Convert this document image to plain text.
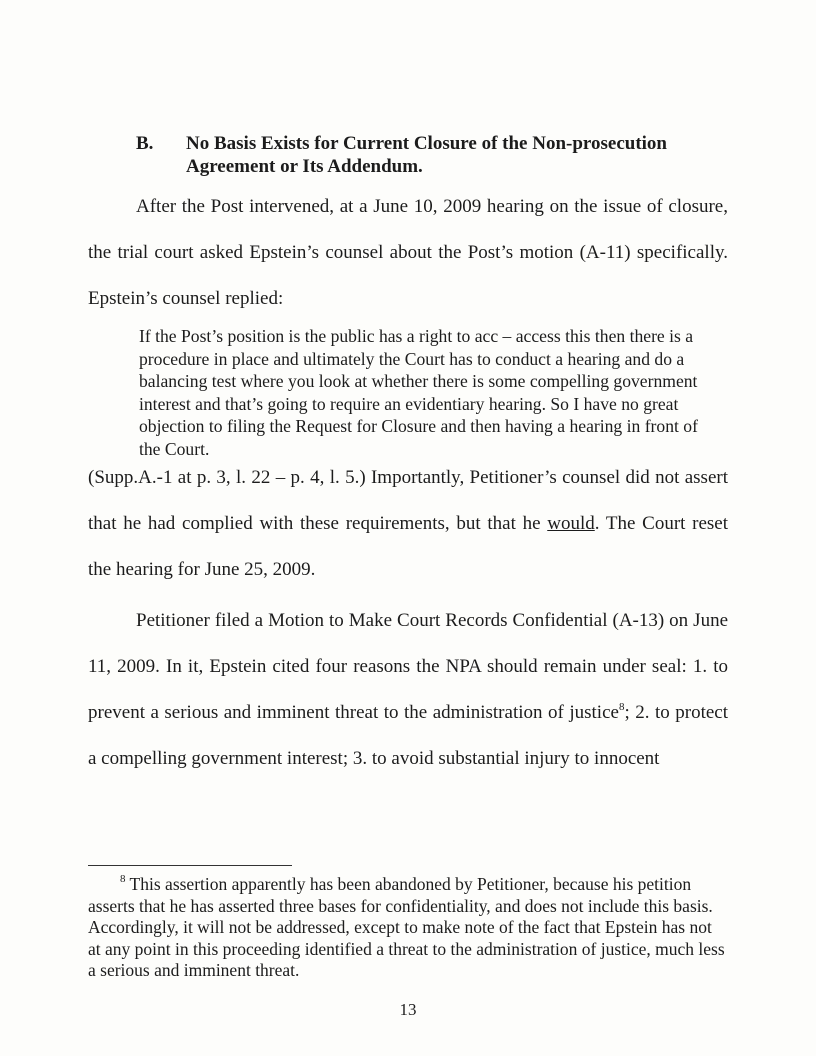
B. No Basis Exists for Current Closure of the Non-prosecution Agreement or Its Addendum.
After the Post intervened, at a June 10, 2009 hearing on the issue of closure, the trial court asked Epstein’s counsel about the Post’s motion (A-11) specifically. Epstein’s counsel replied:
If the Post’s position is the public has a right to acc – access this then there is a procedure in place and ultimately the Court has to conduct a hearing and do a balancing test where you look at whether there is some compelling government interest and that’s going to require an evidentiary hearing. So I have no great objection to filing the Request for Closure and then having a hearing in front of the Court.
(Supp.A.-1 at p. 3, l. 22 – p. 4, l. 5.) Importantly, Petitioner’s counsel did not assert that he had complied with these requirements, but that he would. The Court reset the hearing for June 25, 2009.
Petitioner filed a Motion to Make Court Records Confidential (A-13) on June 11, 2009. In it, Epstein cited four reasons the NPA should remain under seal: 1. to prevent a serious and imminent threat to the administration of justice$^8$; 2. to protect a compelling government interest; 3. to avoid substantial injury to innocent
$^8$ This assertion apparently has been abandoned by Petitioner, because his petition asserts that he has asserted three bases for confidentiality, and does not include this basis. Accordingly, it will not be addressed, except to make note of the fact that Epstein has not at any point in this proceeding identified a threat to the administration of justice, much less a serious and imminent threat.
13
